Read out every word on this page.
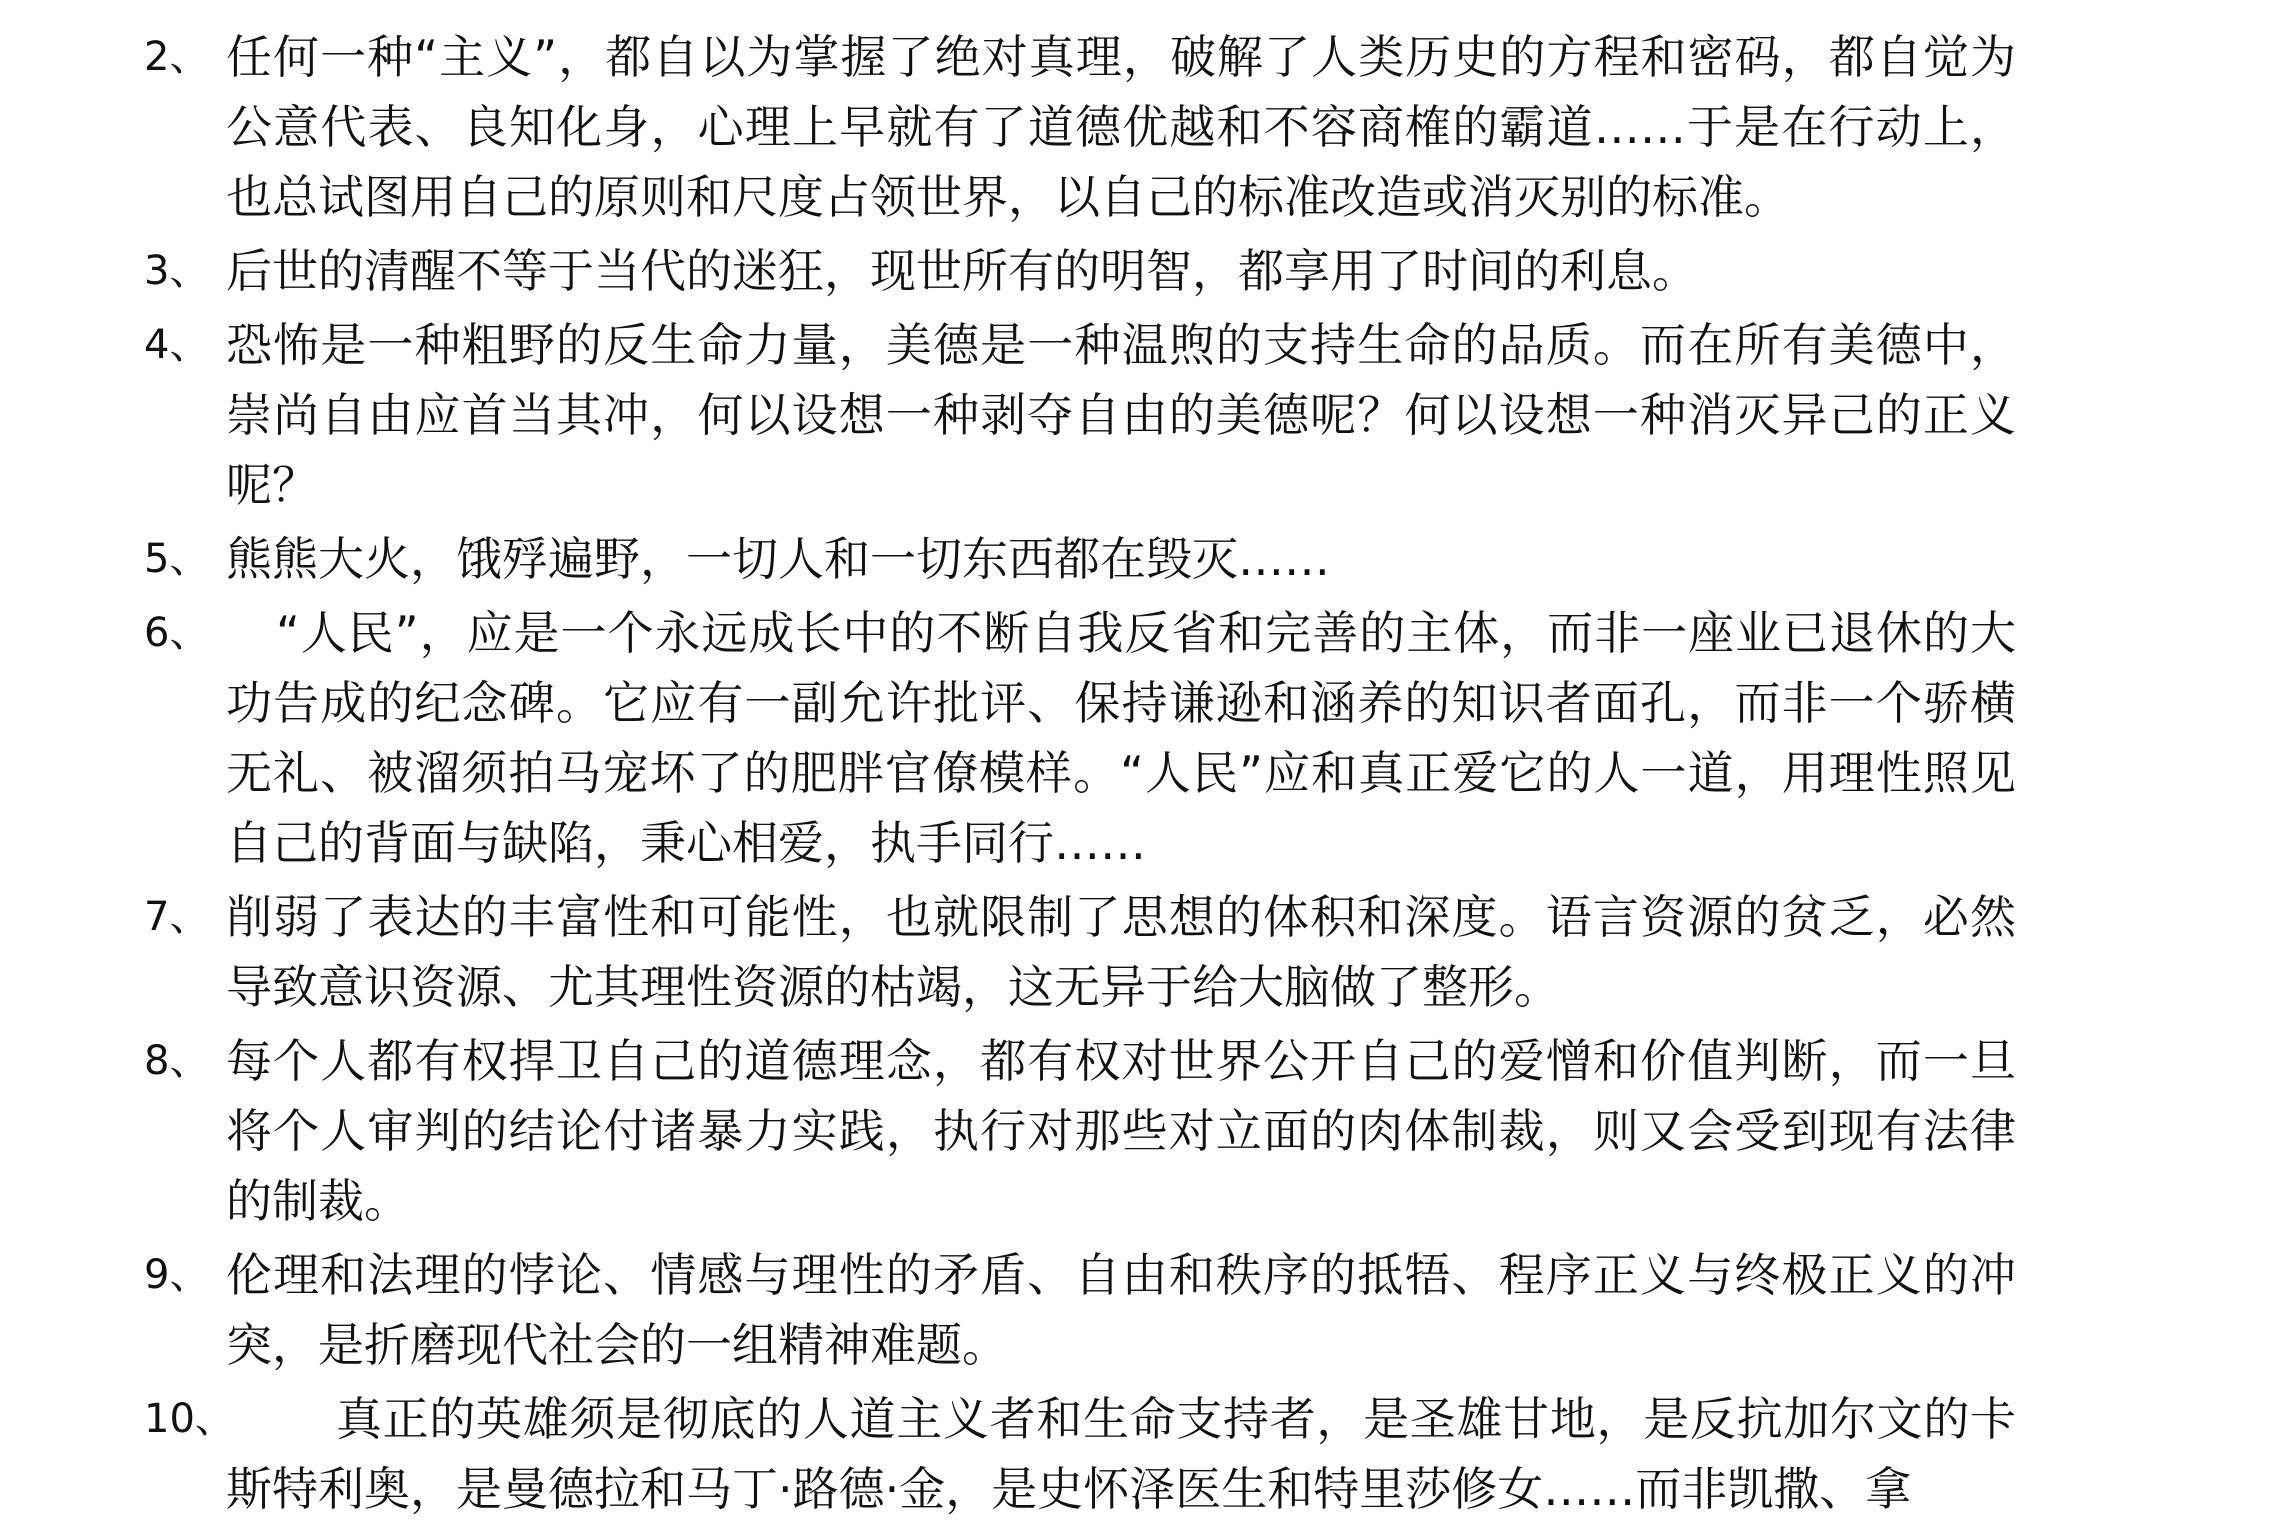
2、 任何一种“主义”，都自以为掌握了绝对真理，破解了人类历史的方程和密码，都自觉为公意代表、良知化身，心理上早就有了道德优越和不容商榷的霸道……于是在行动上，也总试图用自己的原则和尺度占领世界，以自己的标准改造或消灭别的标准。
3、 后世的清醒不等于当代的迷狂，现世所有的明智，都享用了时间的利息。
4、 恐怖是一种粗野的反生命力量，美德是一种温煦的支持生命的品质。而在所有美德中，崇尚自由应首当其冲，何以设想一种剥夺自由的美德呢？何以设想一种消灭异己的正义呢？
5、 熊熊大火，饿殍遍野，一切人和一切东西都在毁灭……
6、	“人民”，应是一个永远成长中的不断自我反省和完善的主体，而非一座业已退休的大功告成的纪念碑。它应有一副允许批评、保持谦逊和涵养的知识者面孔，而非一个骄横无礼、被溜须拍马宠坏了的肥胖官僚模样。“人民”应和真正爱它的人一道，用理性照见自己的背面与缺陷，秉心相爱，执手同行……
7、 削弱了表达的丰富性和可能性，也就限制了思想的体积和深度。语言资源的贫乏，必然导致意识资源、尤其理性资源的枯竭，这无异于给大脑做了整形。
8、 每个人都有权捍卫自己的道德理念，都有权对世界公开自己的爱憎和价值判断，而一旦将个人审判的结论付诸暴力实践，执行对那些对立面的肉体制裁，则又会受到现有法律的制裁。
9、 伦理和法理的悖论、情感与理性的矛盾、自由和秩序的抵牾、程序正义与终极正义的冲突，是折磨现代社会的一组精神难题。
10、	真正的英雄须是彻底的人道主义者和生命支持者，是圣雄甘地，是反抗加尔文的卡斯特利奥，是曼德拉和马丁·路德·金，是史怀泽医生和特里莎修女……而非凯撒、拿
